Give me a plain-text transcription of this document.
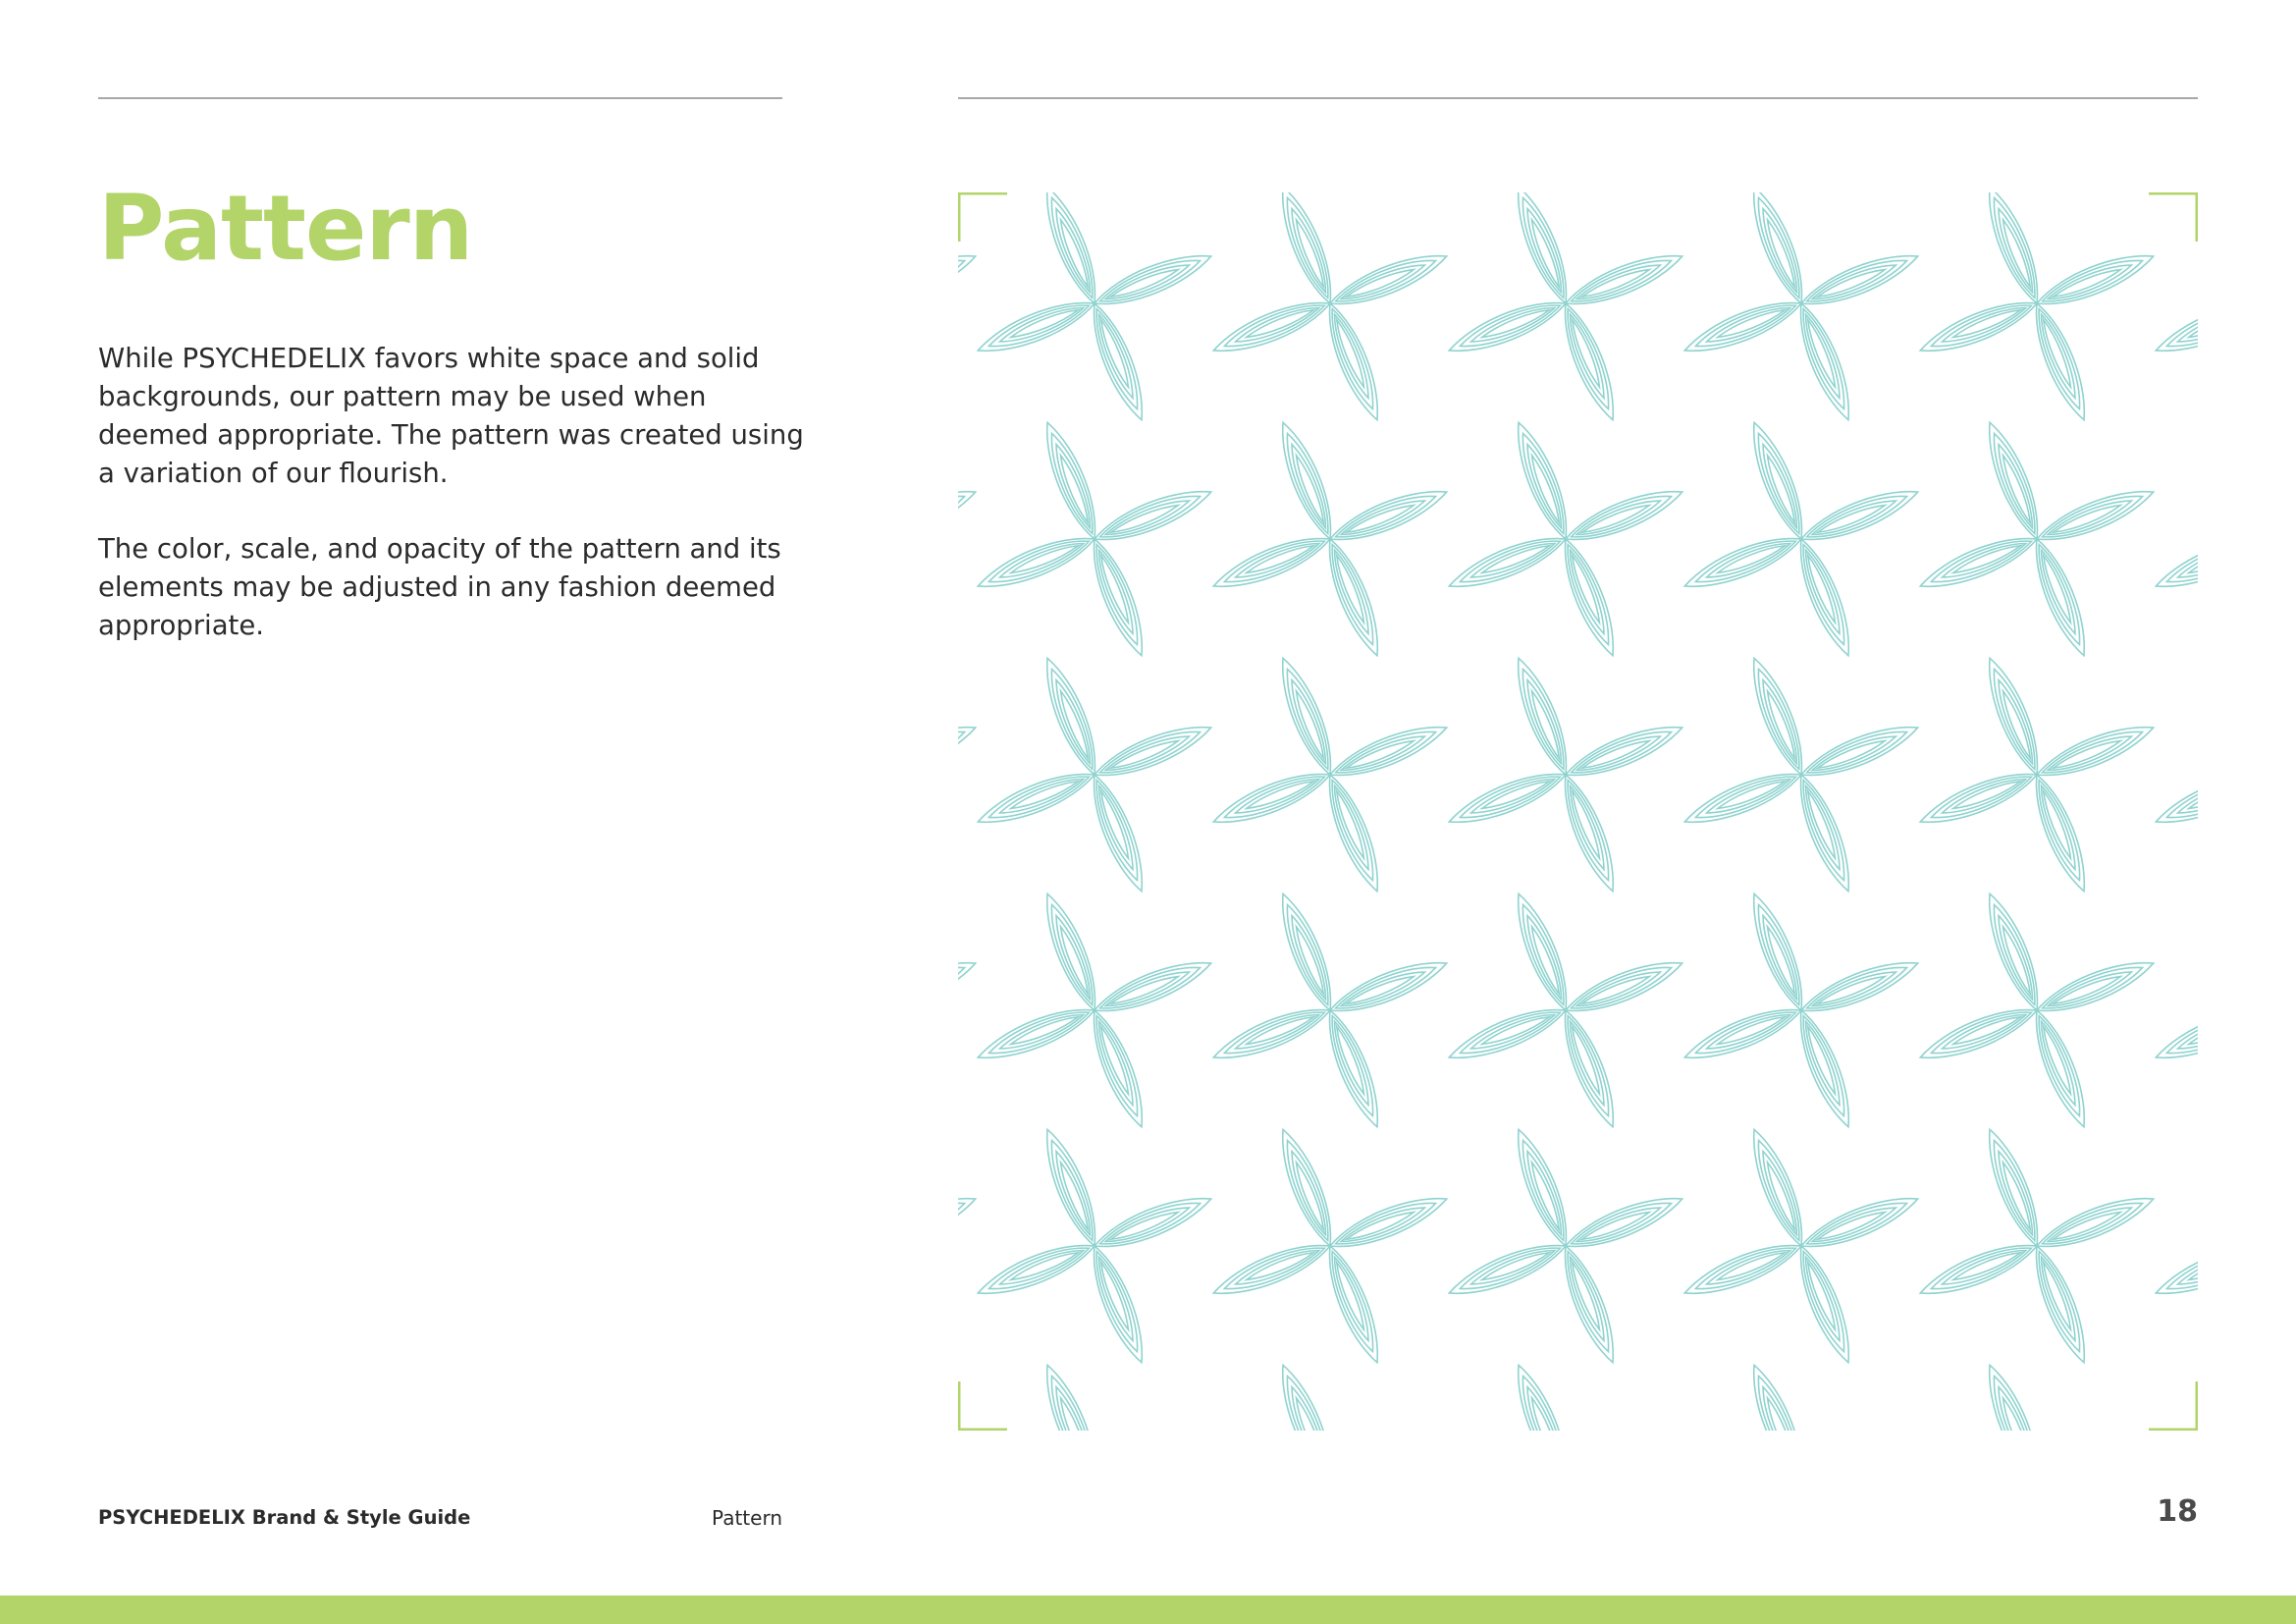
Pattern

While PSYCHEDELIX favors white space and solid backgrounds, our pattern may be used when deemed appropriate. The pattern was created using a variation of our flourish.

The color, scale, and opacity of the pattern and its elements may be adjusted in any fashion deemed appropriate.

PSYCHEDELIX Brand & Style Guide	Pattern	18
